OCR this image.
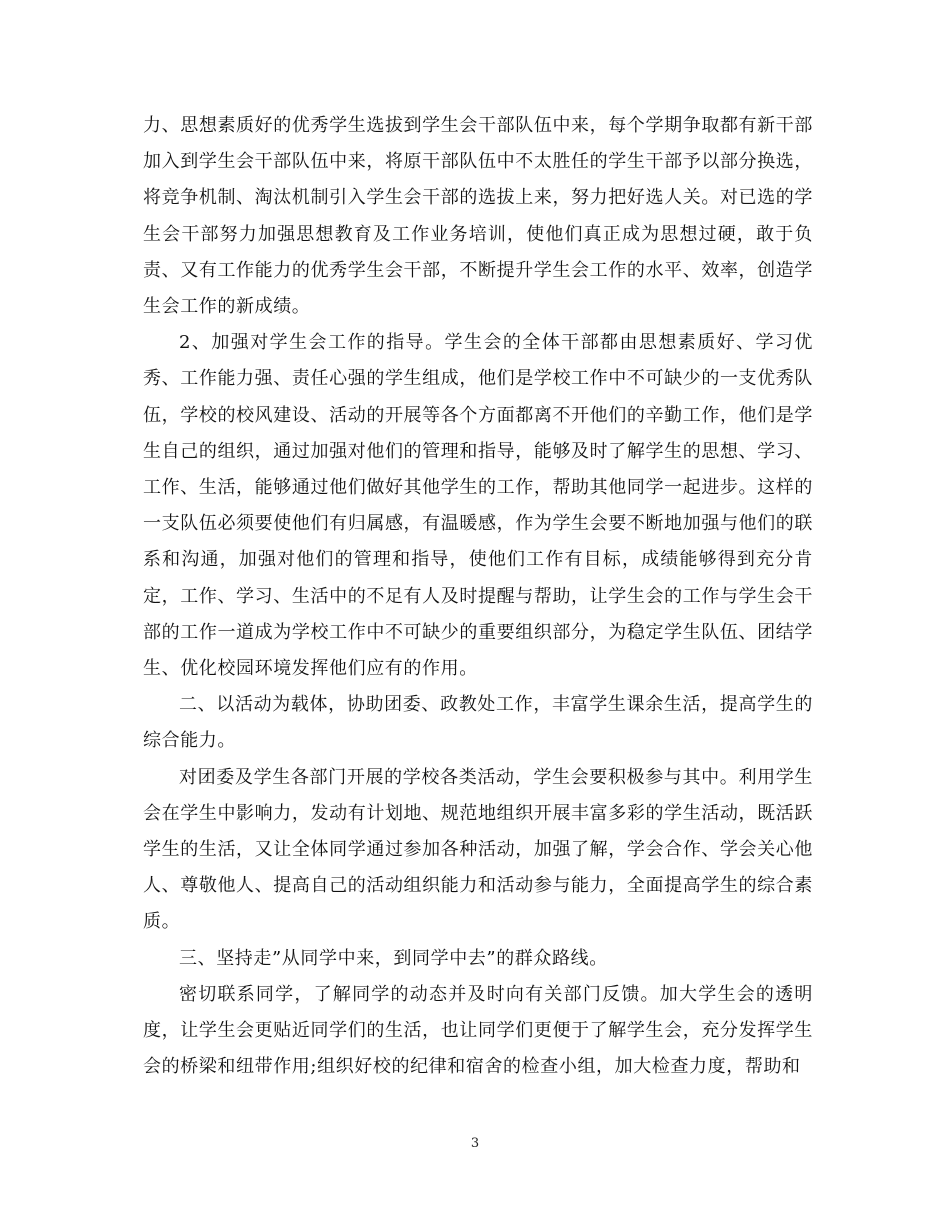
力、思想素质好的优秀学生选拔到学生会干部队伍中来，每个学期争取都有新干部加入到学生会干部队伍中来，将原干部队伍中不太胜任的学生干部予以部分换选，将竞争机制、淘汰机制引入学生会干部的选拔上来，努力把好选人关。对已选的学生会干部努力加强思想教育及工作业务培训，使他们真正成为思想过硬，敢于负责、又有工作能力的优秀学生会干部，不断提升学生会工作的水平、效率，创造学生会工作的新成绩。

2、加强对学生会工作的指导。学生会的全体干部都由思想素质好、学习优秀、工作能力强、责任心强的学生组成，他们是学校工作中不可缺少的一支优秀队伍，学校的校风建设、活动的开展等各个方面都离不开他们的辛勤工作，他们是学生自己的组织，通过加强对他们的管理和指导，能够及时了解学生的思想、学习、工作、生活，能够通过他们做好其他学生的工作，帮助其他同学一起进步。这样的一支队伍必须要使他们有归属感，有温暖感，作为学生会要不断地加强与他们的联系和沟通，加强对他们的管理和指导，使他们工作有目标，成绩能够得到充分肯定，工作、学习、生活中的不足有人及时提醒与帮助，让学生会的工作与学生会干部的工作一道成为学校工作中不可缺少的重要组织部分，为稳定学生队伍、团结学生、优化校园环境发挥他们应有的作用。

二、以活动为载体，协助团委、政教处工作，丰富学生课余生活，提高学生的综合能力。

对团委及学生各部门开展的学校各类活动，学生会要积极参与其中。利用学生会在学生中影响力，发动有计划地、规范地组织开展丰富多彩的学生活动，既活跃学生的生活，又让全体同学通过参加各种活动，加强了解，学会合作、学会关心他人、尊敬他人、提高自己的活动组织能力和活动参与能力，全面提高学生的综合素质。

三、坚持走”从同学中来，到同学中去”的群众路线。

密切联系同学，了解同学的动态并及时向有关部门反馈。加大学生会的透明度，让学生会更贴近同学们的生活，也让同学们更便于了解学生会，充分发挥学生会的桥梁和纽带作用;组织好校的纪律和宿舍的检查小组，加大检查力度，帮助和

3
